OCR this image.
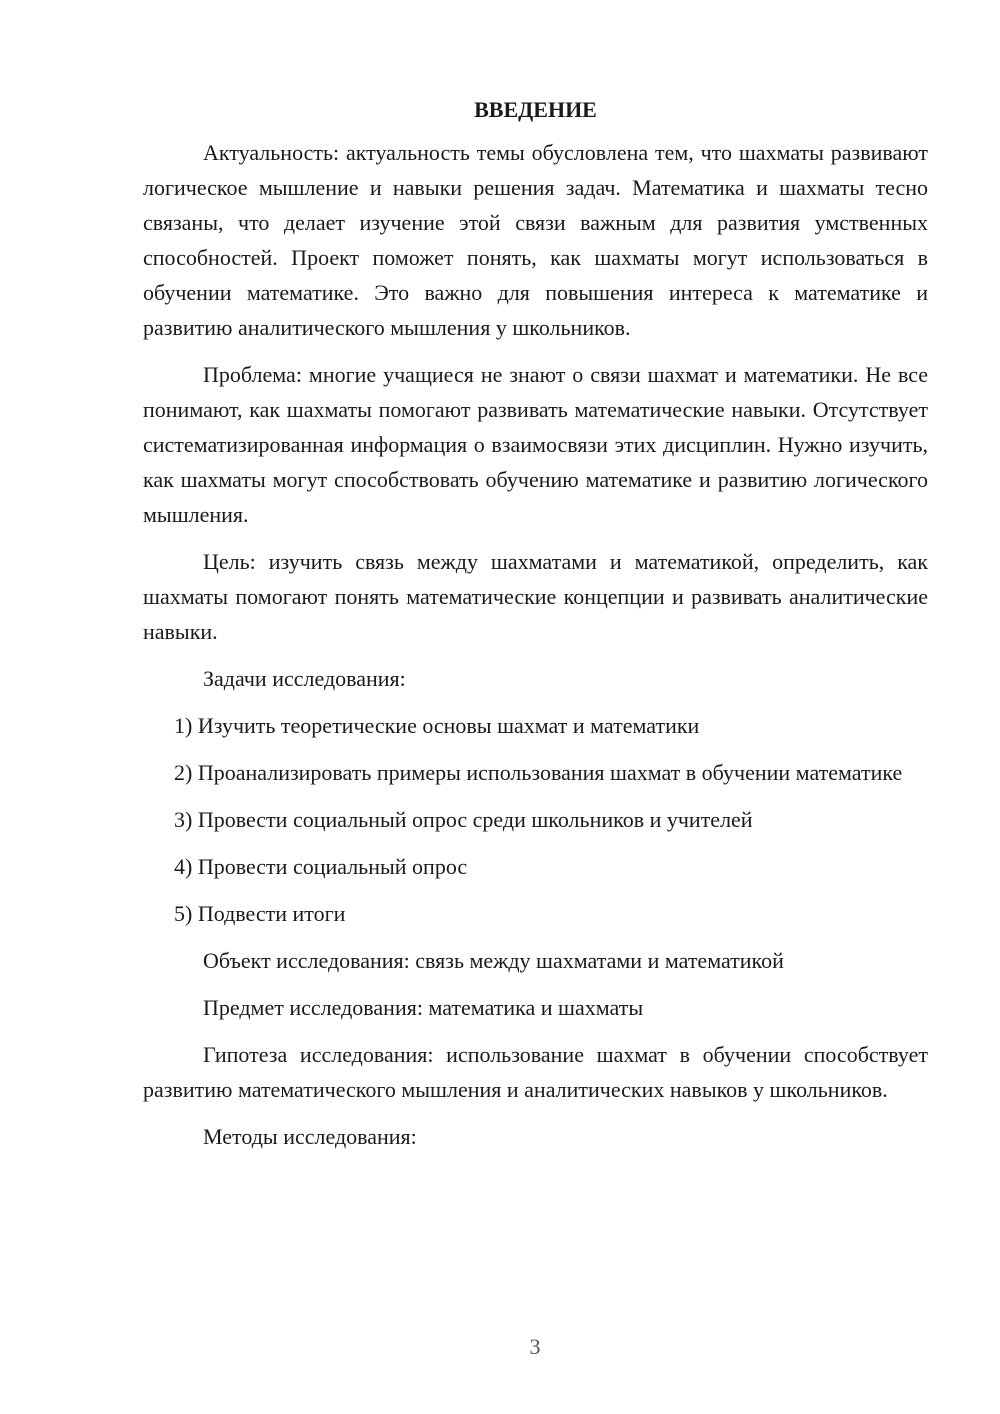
ВВЕДЕНИЕ

Актуальность: актуальность темы обусловлена тем, что шахматы развивают логическое мышление и навыки решения задач. Математика и шахматы тесно связаны, что делает изучение этой связи важным для развития умственных способностей. Проект поможет понять, как шахматы могут использоваться в обучении математике. Это важно для повышения интереса к математике и развитию аналитического мышления у школьников.

Проблема: многие учащиеся не знают о связи шахмат и математики. Не все понимают, как шахматы помогают развивать математические навыки. Отсутствует систематизированная информация о взаимосвязи этих дисциплин. Нужно изучить, как шахматы могут способствовать обучению математике и развитию логического мышления.

Цель: изучить связь между шахматами и математикой, определить, как шахматы помогают понять математические концепции и развивать аналитические навыки.

Задачи исследования:

1) Изучить теоретические основы шахмат и математики

2) Проанализировать примеры использования шахмат в обучении математике

3) Провести социальный опрос среди школьников и учителей

4) Провести социальный опрос

5) Подвести итоги

Объект исследования: связь между шахматами и математикой

Предмет исследования: математика и шахматы

Гипотеза исследования: использование шахмат в обучении способствует развитию математического мышления и аналитических навыков у школьников.

Методы исследования:

3
